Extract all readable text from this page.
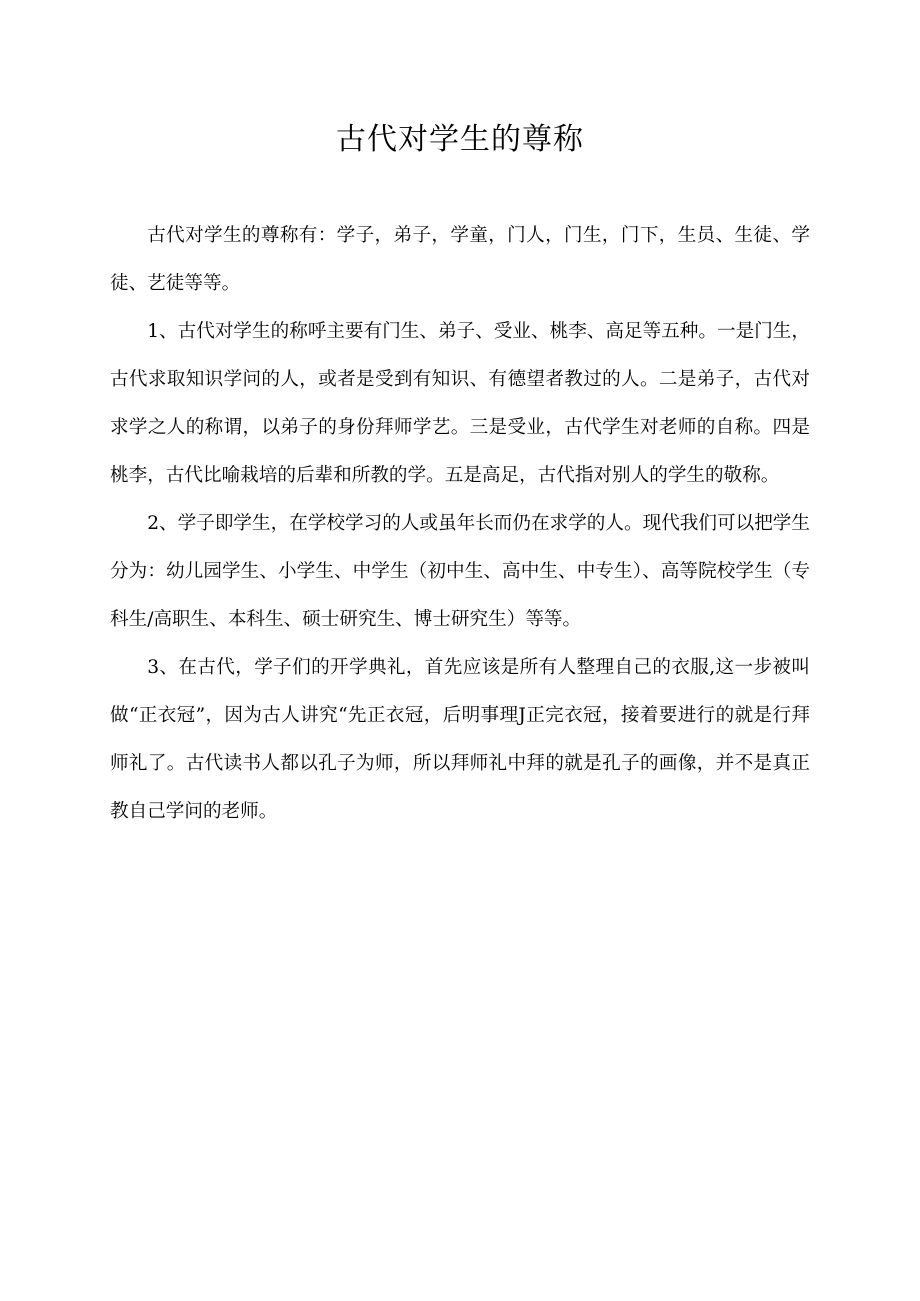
古代对学生的尊称

古代对学生的尊称有：学子，弟子，学童，门人，门生，门下，生员、生徒、学徒、艺徒等等。

1、古代对学生的称呼主要有门生、弟子、受业、桃李、高足等五种。一是门生，古代求取知识学问的人，或者是受到有知识、有德望者教过的人。二是弟子，古代对求学之人的称谓，以弟子的身份拜师学艺。三是受业，古代学生对老师的自称。四是桃李，古代比喻栽培的后辈和所教的学。五是高足，古代指对别人的学生的敬称。

2、学子即学生，在学校学习的人或虽年长而仍在求学的人。现代我们可以把学生分为：幼儿园学生、小学生、中学生（初中生、高中生、中专生）、高等院校学生（专科生/高职生、本科生、硕士研究生、博士研究生）等等。

3、在古代，学子们的开学典礼，首先应该是所有人整理自己的衣服,这一步被叫做“正衣冠”，因为古人讲究“先正衣冠，后明事理J正完衣冠，接着要进行的就是行拜师礼了。古代读书人都以孔子为师，所以拜师礼中拜的就是孔子的画像，并不是真正教自己学问的老师。
